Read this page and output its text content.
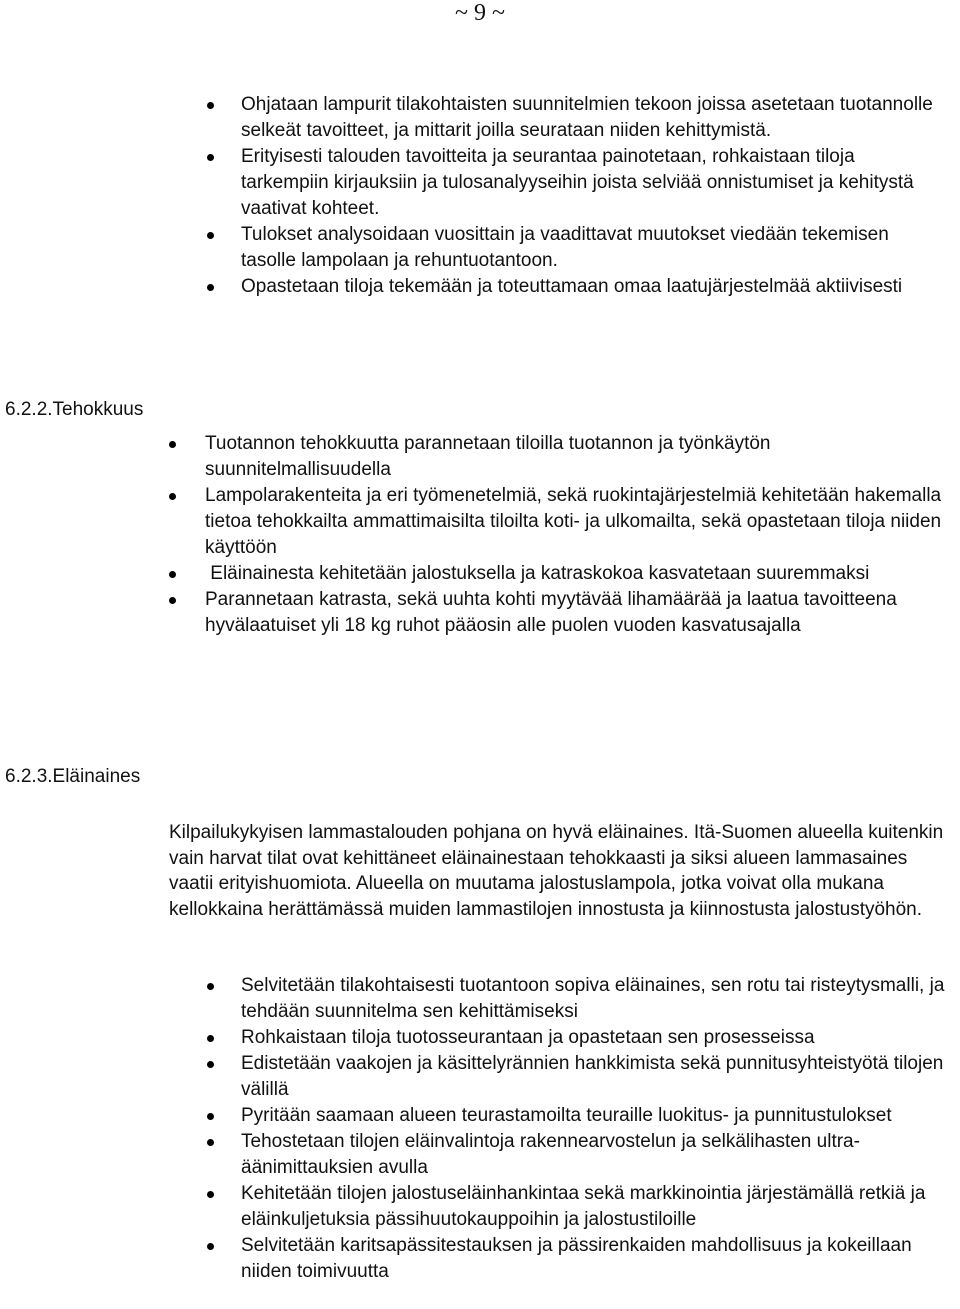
~ 9 ~
Ohjataan lampurit tilakohtaisten suunnitelmien tekoon joissa asetetaan tuotannolle selkeät tavoitteet, ja mittarit joilla seurataan niiden kehittymistä.
Erityisesti talouden tavoitteita ja seurantaa painotetaan, rohkaistaan tiloja tarkempiin kirjauksiin ja tulosanalyyseihin joista selviää onnistumiset ja kehitystä vaativat kohteet.
Tulokset analysoidaan vuosittain ja vaadittavat muutokset viedään tekemisen tasolle lampolaan ja rehuntuotantoon.
Opastetaan tiloja tekemään ja toteuttamaan omaa laatujärjestelmää aktiivisesti
6.2.2.Tehokkuus
Tuotannon tehokkuutta parannetaan tiloilla tuotannon ja työnkäytön suunnitelmallisuudella
Lampolarakenteita ja eri työmenetelmiä, sekä ruokintajärjestelmiä kehitetään hakemalla tietoa tehokkailta ammattimaisilta tiloilta koti- ja ulkomailta, sekä opastetaan tiloja niiden käyttöön
Eläinainesta kehitetään jalostuksella ja katraskokoa kasvatetaan suuremmaksi
Parannetaan katrasta, sekä uuhta kohti myytävää lihamäärää ja laatua tavoitteena hyvälaatuiset yli 18 kg ruhot pääosin alle puolen vuoden kasvatusajalla
6.2.3.Eläinaines

Kilpailukykyisen lammastalouden pohjana on hyvä eläinaines. Itä-Suomen alueella kuitenkin vain harvat tilat ovat kehittäneet eläinainestaan tehokkaasti ja siksi alueen lammasaines vaatii erityishuomiota. Alueella on muutama jalostuslampola, jotka voivat olla mukana kellokkaina herättämässä muiden lammastilojen innostusta ja kiinnostusta jalostustyöhön.

Selvitetään tilakohtaisesti tuotantoon sopiva eläinaines, sen rotu tai risteytysmalli, ja tehdään suunnitelma sen kehittämiseksi
Rohkaistaan tiloja tuotosseurantaan ja opastetaan sen prosesseissa
Edistetään vaakojen ja käsittelyrännien hankkimista sekä punnitusyhteistyötä tilojen välillä
Pyritään saamaan alueen teurastamoilta teuraille luokitus- ja punnitustulokset
Tehostetaan tilojen eläinvalintoja rakennearvostelun ja selkälihasten ultra-äänimittauksien avulla
Kehitetään tilojen jalostuseläinhankintaa sekä markkinointia järjestämällä retkiä ja eläinkuljetuksia pässihuutokauppoihin ja jalostustiloille
Selvitetään karitsapässitestauksen ja pässirenkaiden mahdollisuus ja kokeillaan niiden toimivuutta
